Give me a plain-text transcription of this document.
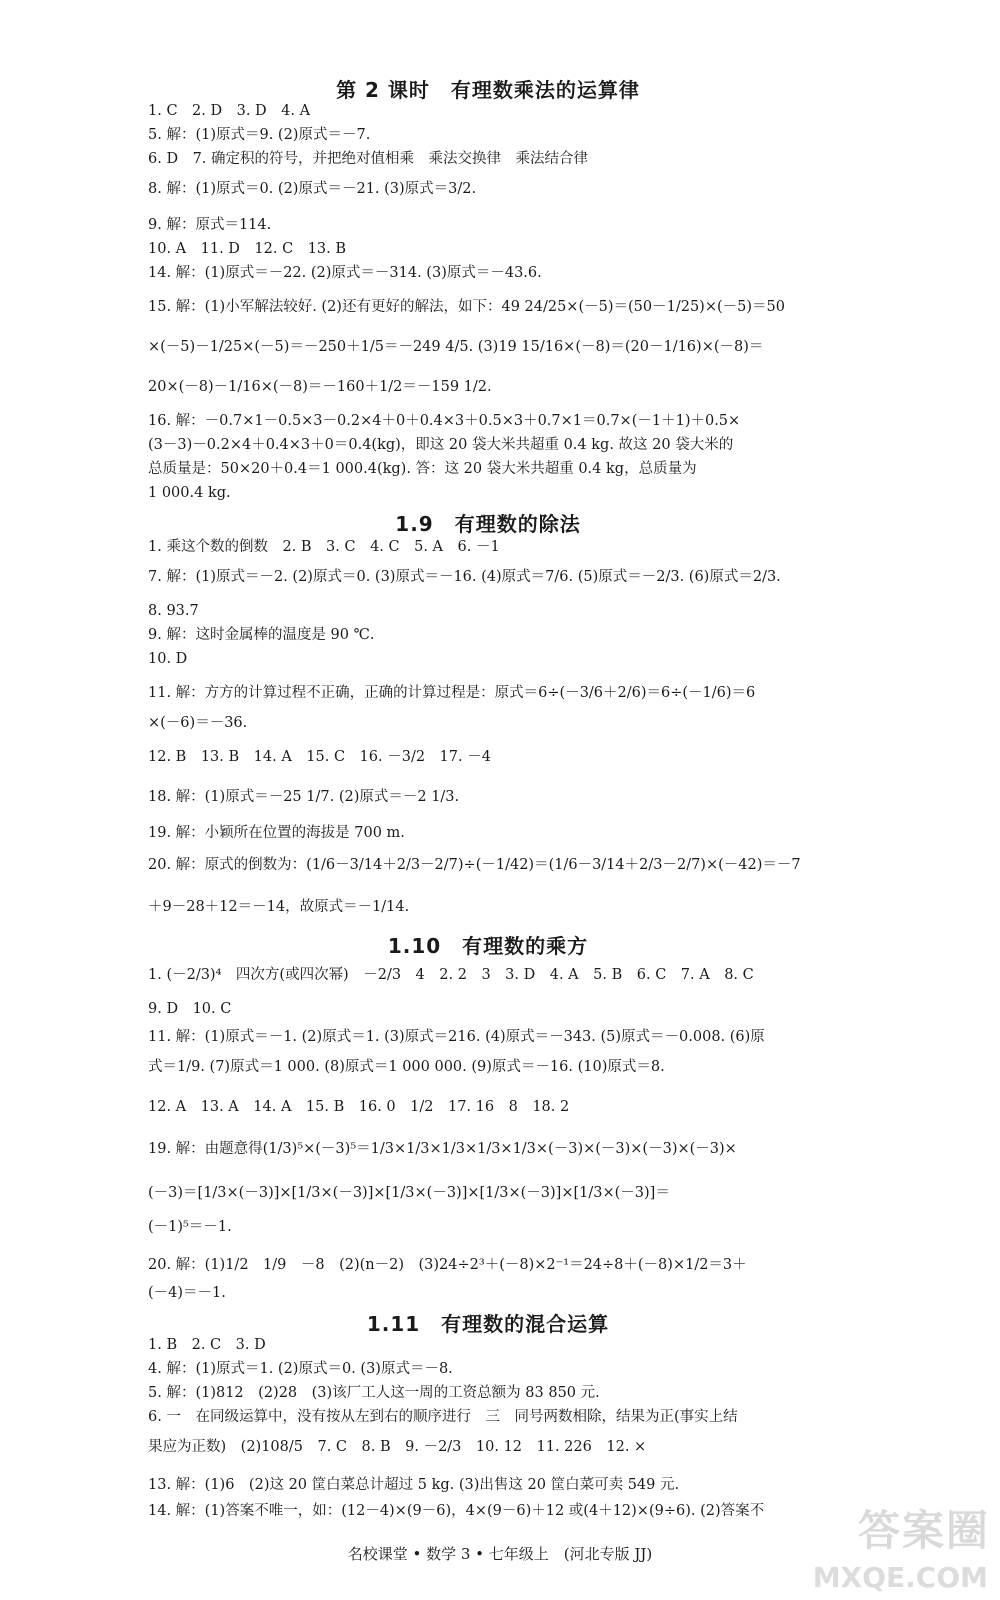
第 2 课时　有理数乘法的运算律

1. C　2. D　3. D　4. A

5. 解：(1)原式＝9. (2)原式＝－7.

6. D　7. 确定积的符号，并把绝对值相乘　乘法交换律　乘法结合律

8. 解：(1)原式＝0. (2)原式＝－21. (3)原式＝3/2.

9. 解：原式＝114.

10. A　11. D　12. C　13. B

14. 解：(1)原式＝－22. (2)原式＝－314. (3)原式＝－43.6.

15. 解：(1)小军解法较好. (2)还有更好的解法，如下：49 24/25×(－5)＝(50－1/25)×(－5)＝50

×(－5)－1/25×(－5)＝－250＋1/5＝－249 4/5. (3)19 15/16×(－8)＝(20－1/16)×(－8)＝

20×(－8)－1/16×(－8)＝－160＋1/2＝－159 1/2.

16. 解：－0.7×1－0.5×3－0.2×4＋0＋0.4×3＋0.5×3＋0.7×1＝0.7×(－1＋1)＋0.5×

(3－3)－0.2×4＋0.4×3＋0＝0.4(kg)，即这 20 袋大米共超重 0.4 kg. 故这 20 袋大米的

总质量是：50×20＋0.4＝1 000.4(kg). 答：这 20 袋大米共超重 0.4 kg，总质量为

1 000.4 kg.

1.9　有理数的除法

1. 乘这个数的倒数　2. B　3. C　4. C　5. A　6. －1

7. 解：(1)原式＝－2. (2)原式＝0. (3)原式＝－16. (4)原式＝7/6. (5)原式＝－2/3. (6)原式＝2/3.

8. 93.7

9. 解：这时金属棒的温度是 90 ℃.

10. D

11. 解：方方的计算过程不正确，正确的计算过程是：原式＝6÷(－3/6＋2/6)＝6÷(－1/6)＝6

×(－6)＝－36.

12. B　13. B　14. A　15. C　16. －3/2　17. －4

18. 解：(1)原式＝－25 1/7. (2)原式＝－2 1/3.

19. 解：小颖所在位置的海拔是 700 m.

20. 解：原式的倒数为：(1/6－3/14＋2/3－2/7)÷(－1/42)＝(1/6－3/14＋2/3－2/7)×(－42)＝－7

＋9－28＋12＝－14，故原式＝－1/14.

1.10　有理数的乘方

1. (－2/3)⁴　四次方(或四次幂)　－2/3　4　2. 2　3　3. D　4. A　5. B　6. C　7. A　8. C

9. D　10. C

11. 解：(1)原式＝－1. (2)原式＝1. (3)原式＝216. (4)原式＝－343. (5)原式＝－0.008. (6)原

式＝1/9. (7)原式＝1 000. (8)原式＝1 000 000. (9)原式＝－16. (10)原式＝8.

12. A　13. A　14. A　15. B　16. 0　1/2　17. 16　8　18. 2

19. 解：由题意得(1/3)⁵×(－3)⁵＝1/3×1/3×1/3×1/3×1/3×(－3)×(－3)×(－3)×(－3)×

(－3)＝[1/3×(－3)]×[1/3×(－3)]×[1/3×(－3)]×[1/3×(－3)]×[1/3×(－3)]＝

(－1)⁵＝－1.

20. 解：(1)1/2　1/9　－8　(2)(n－2)　(3)24÷2³＋(－8)×2⁻¹＝24÷8＋(－8)×1/2＝3＋

(－4)＝－1.

1.11　有理数的混合运算

1. B　2. C　3. D

4. 解：(1)原式＝1. (2)原式＝0. (3)原式＝－8.

5. 解：(1)812　(2)28　(3)该厂工人这一周的工资总额为 83 850 元.

6. 一　在同级运算中，没有按从左到右的顺序进行　三　同号两数相除，结果为正(事实上结

果应为正数)　(2)108/5　7. C　8. B　9. －2/3　10. 12　11. 226　12. ×

13. 解：(1)6　(2)这 20 筐白菜总计超过 5 kg. (3)出售这 20 筐白菜可卖 549 元.

14. 解：(1)答案不唯一，如：(12－4)×(9－6)，4×(9－6)＋12 或(4＋12)×(9÷6). (2)答案不 答案圈
MXQE.COM
名校课堂 • 数学 3 • 七年级上　(河北专版 JJ)
